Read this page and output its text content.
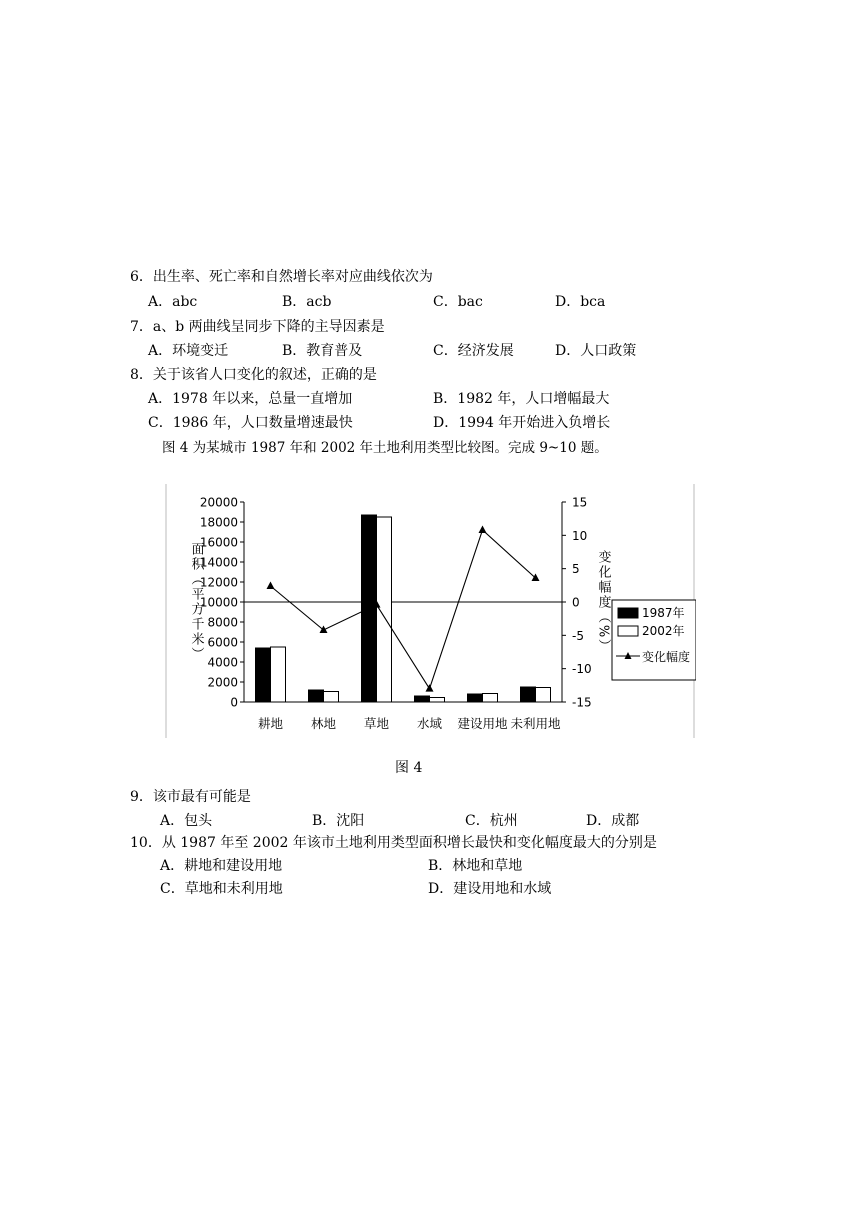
6．出生率、死亡率和自然增长率对应曲线依次为
A．abc	B．acb	C．bac	D．bca
7．a、b 两曲线呈同步下降的主导因素是
A．环境变迁	B．教育普及	C．经济发展	D．人口政策
8．关于该省人口变化的叙述，正确的是
A．1978 年以来，总量一直增加	B．1982 年，人口增幅最大
C．1986 年，人口数量增速最快	D．1994 年开始进入负增长
图 4 为某城市 1987 年和 2002 年土地利用类型比较图。完成 9~10 题。
20000
18000
16000
14000
12000
10000
8000
6000
4000
2000
0
15
10
5
0
-5
-10
-15
面积（平方千米）	变化幅度（%）
耕地 林地 草地 水域 建设用地 未利用地
1987年
2002年
变化幅度
图 4
9．该市最有可能是
A．包头	B．沈阳	C．杭州	D．成都
10．从 1987 年至 2002 年该市土地利用类型面积增长最快和变化幅度最大的分别是
A．耕地和建设用地	B．林地和草地
C．草地和未利用地	D．建设用地和水域
